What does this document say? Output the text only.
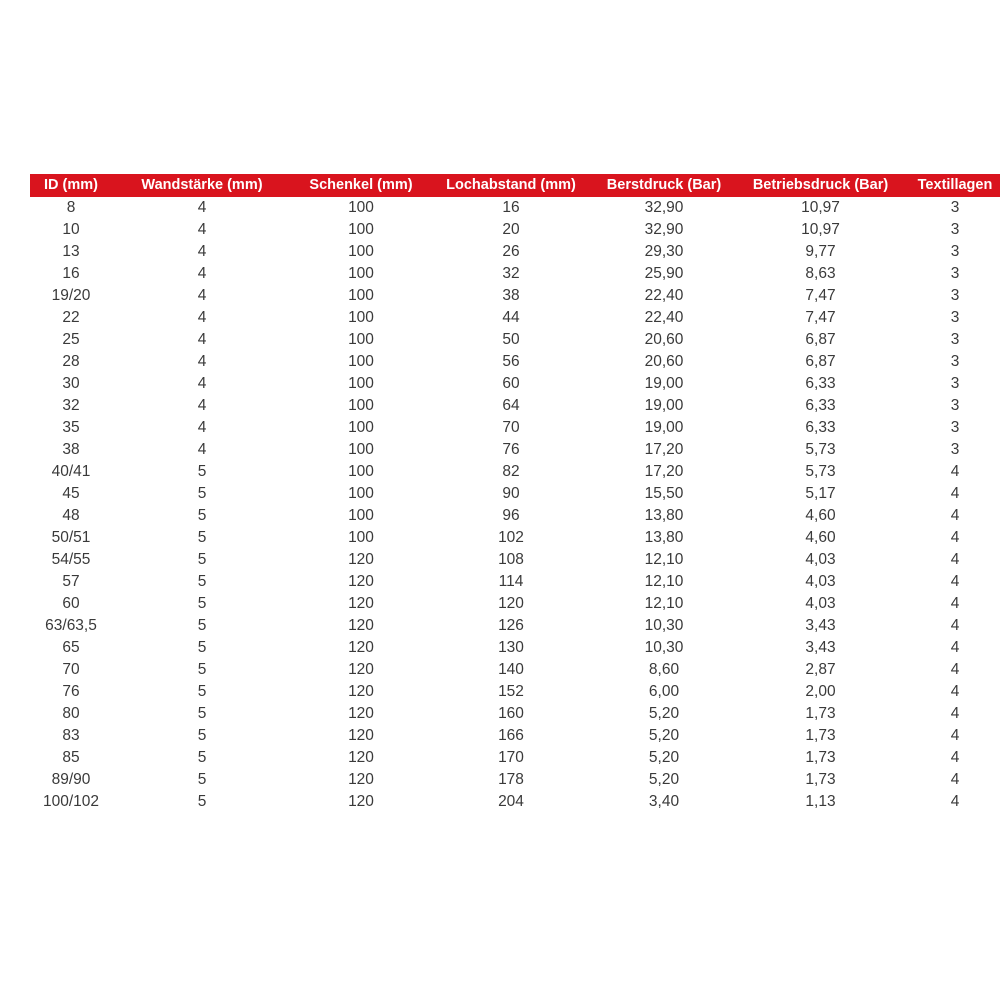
ID (mm)	Wandstärke (mm)	Schenkel (mm)	Lochabstand (mm)	Berstdruck (Bar)	Betriebsdruck (Bar)	Textillagen
8	4	100	16	32,90	10,97	3
10	4	100	20	32,90	10,97	3
13	4	100	26	29,30	9,77	3
16	4	100	32	25,90	8,63	3
19/20	4	100	38	22,40	7,47	3
22	4	100	44	22,40	7,47	3
25	4	100	50	20,60	6,87	3
28	4	100	56	20,60	6,87	3
30	4	100	60	19,00	6,33	3
32	4	100	64	19,00	6,33	3
35	4	100	70	19,00	6,33	3
38	4	100	76	17,20	5,73	3
40/41	5	100	82	17,20	5,73	4
45	5	100	90	15,50	5,17	4
48	5	100	96	13,80	4,60	4
50/51	5	100	102	13,80	4,60	4
54/55	5	120	108	12,10	4,03	4
57	5	120	114	12,10	4,03	4
60	5	120	120	12,10	4,03	4
63/63,5	5	120	126	10,30	3,43	4
65	5	120	130	10,30	3,43	4
70	5	120	140	8,60	2,87	4
76	5	120	152	6,00	2,00	4
80	5	120	160	5,20	1,73	4
83	5	120	166	5,20	1,73	4
85	5	120	170	5,20	1,73	4
89/90	5	120	178	5,20	1,73	4
100/102	5	120	204	3,40	1,13	4
